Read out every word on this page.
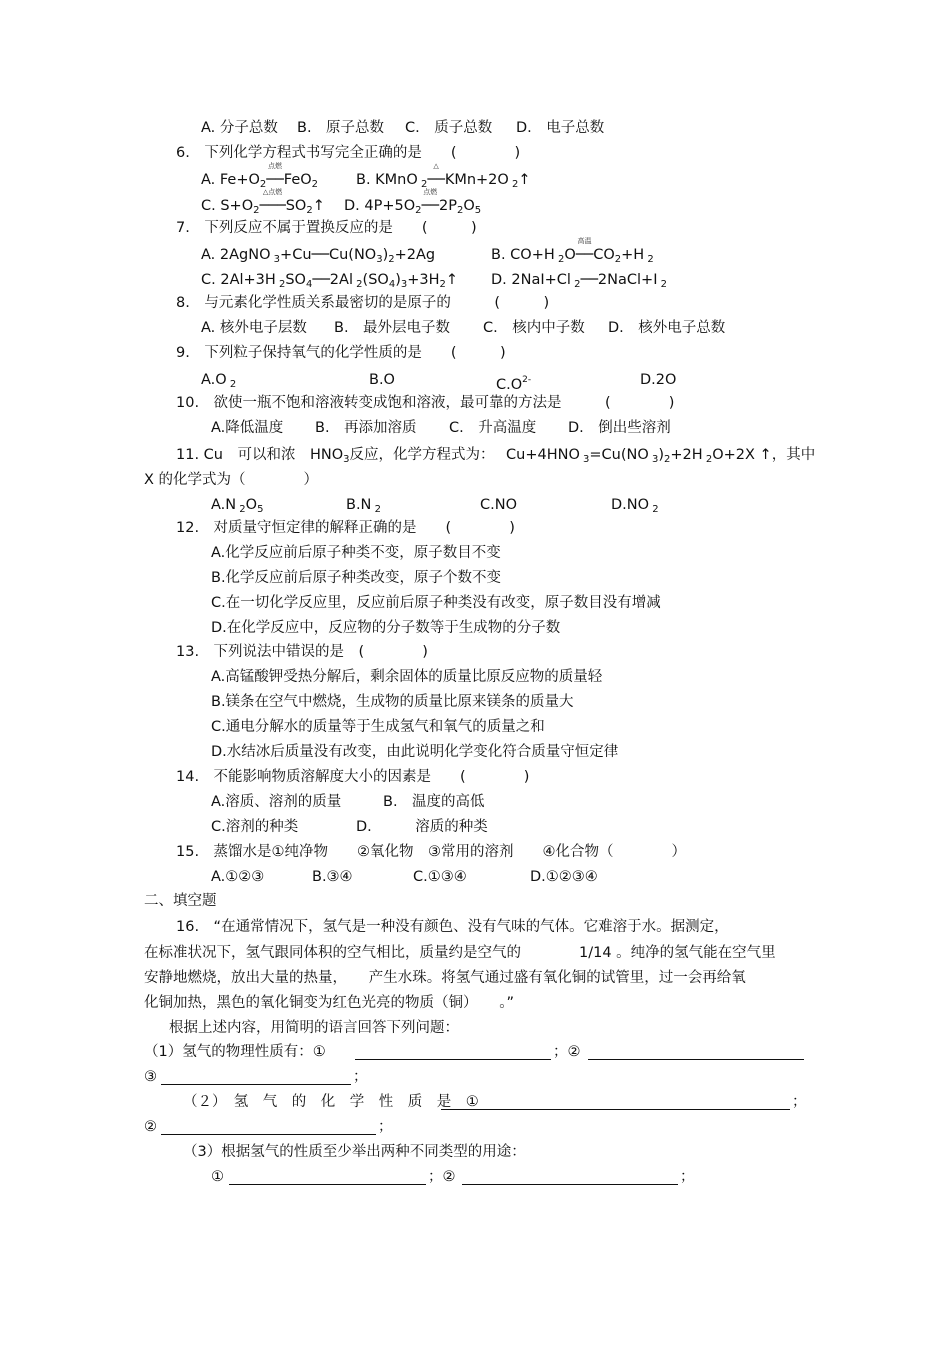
A. 分子总数 B.　原子总数 C.　质子总数 D.　电子总数
6.　下列化学方程式书写完全正确的是　　(　　　　)
A. $Fe+O_2$
点燃
──FeO$_2$	B. KMnO $_2$
△
──KMn+2O $_2$↑
C. $S+O_2$
△点燃
$───SO_2↑$ D. $4P+5O_2$
点燃
$──2P_2O_5$
7.　下列反应不属于置换反应的是　　(　　　)
A. 2AgNO $_3+Cu──Cu(NO_3)_2+2Ag$	B. CO+H $_2$O
高温
$──CO_2+H$ $_2$
C. 2Al+3H $_2SO_4──2Al$ $_2(SO_4)_3+3H_2↑$ D. 2NaI+Cl $_2$──2NaCl+I $_2$
8.　与元素化学性质关系最密切的是原子的　　　(　　　)
A. 核外电子层数 B.　最外层电子数 C.　核内中子数 D.　核外电子总数
9.　下列粒子保持氧气的化学性质的是　　(　　　)
A.O $_2$	B.O	$C.O^{2-}$	D.2O
10.　欲使一瓶不饱和溶液转变成饱和溶液，最可靠的方法是　　　(　　　　)
A.降低温度 B.　再添加溶质 C.　升高温度 D.　倒出些溶剂
11. Cu　可以和浓　$HNO_3$反应，化学方程式为： Cu+4HNO $_3$=Cu(NO $_3)_2+2H$ $_2$O+2X ↑，其中
X 的化学式为（　　　　）
A.N $_2O_5$	B.N $_2$	C.NO	D.NO $_2$
12.　对质量守恒定律的解释正确的是　　(　　　　)
A.化学反应前后原子种类不变，原子数目不变
B.化学反应前后原子种类改变，原子个数不变
C.在一切化学反应里，反应前后原子种类没有改变，原子数目没有增减
D.在化学反应中，反应物的分子数等于生成物的分子数
13.　下列说法中错误的是　(　　　　)
A.高锰酸钾受热分解后，剩余固体的质量比原反应物的质量轻
B.镁条在空气中燃烧，生成物的质量比原来镁条的质量大
C.通电分解水的质量等于生成氢气和氧气的质量之和
D.水结冰后质量没有改变，由此说明化学变化符合质量守恒定律
14.　不能影响物质溶解度大小的因素是　　(　　　　)
A.溶质、溶剂的质量	B.　温度的高低
C.溶剂的种类	D.　　　溶质的种类
15.　蒸馏水是①纯净物　　②氧化物　③常用的溶剂　　④化合物（　　　　）
A.①②③	B.③④	C.①③④	D.①②③④
二、填空题
16.　“在通常情况下，氢气是一种没有颜色、没有气味的气体。它难溶于水。据测定，
在标准状况下，氢气跟同体积的空气相比，质量约是空气的　　　　1/14 。纯净的氢气能在空气里
安静地燃烧，放出大量的热量，　　产生水珠。将氢气通过盛有氧化铜的试管里，过一会再给氧
化铜加热，黑色的氧化铜变为红色光亮的物质（铜）　　。”
根据上述内容，用简明的语言回答下列问题：
（1）氢气的物理性质有：①	；②
③	；
（２）　氢　气　的　化　学　性　质　是　①	；
②	；
（3）根据氢气的性质至少举出两种不同类型的用途：
①	；②	；
